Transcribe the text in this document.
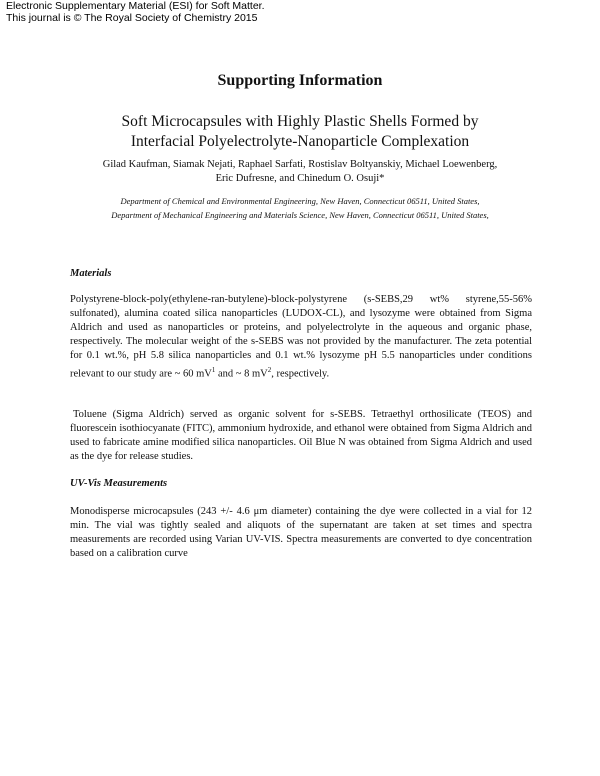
Electronic Supplementary Material (ESI) for Soft Matter.
This journal is © The Royal Society of Chemistry 2015
Supporting Information
Soft Microcapsules with Highly Plastic Shells Formed by
Interfacial Polyelectrolyte-Nanoparticle Complexation
Gilad Kaufman, Siamak Nejati, Raphael Sarfati, Rostislav Boltyanskiy, Michael Loewenberg,
Eric Dufresne, and Chinedum O. Osuji*
Department of Chemical and Environmental Engineering, New Haven, Connecticut 06511, United States,
Department of Mechanical Engineering and Materials Science, New Haven, Connecticut 06511, United States,
Materials
Polystyrene-block-poly(ethylene-ran-butylene)-block-polystyrene (s-SEBS,29 wt% styrene,55-56% sulfonated), alumina coated silica nanoparticles (LUDOX-CL), and lysozyme were obtained from Sigma Aldrich and used as nanoparticles or proteins, and polyelectrolyte in the aqueous and organic phase, respectively. The molecular weight of the s-SEBS was not provided by the manufacturer. The zeta potential for 0.1 wt.%, pH 5.8 silica nanoparticles and 0.1 wt.% lysozyme pH 5.5 nanoparticles under conditions relevant to our study are ~ 60 $mV^1$ and ~ 8 $mV^2$, respectively.
Toluene (Sigma Aldrich) served as organic solvent for s-SEBS. Tetraethyl orthosilicate (TEOS) and fluorescein isothiocyanate (FITC), ammonium hydroxide, and ethanol were obtained from Sigma Aldrich and used to fabricate amine modified silica nanoparticles. Oil Blue N was obtained from Sigma Aldrich and used as the dye for release studies.
UV-Vis Measurements
Monodisperse microcapsules (243 +/- 4.6 μm diameter) containing the dye were collected in a vial for 12 min. The vial was tightly sealed and aliquots of the supernatant are taken at set times and spectra measurements are recorded using Varian UV-VIS. Spectra measurements are converted to dye concentration based on a calibration curve
